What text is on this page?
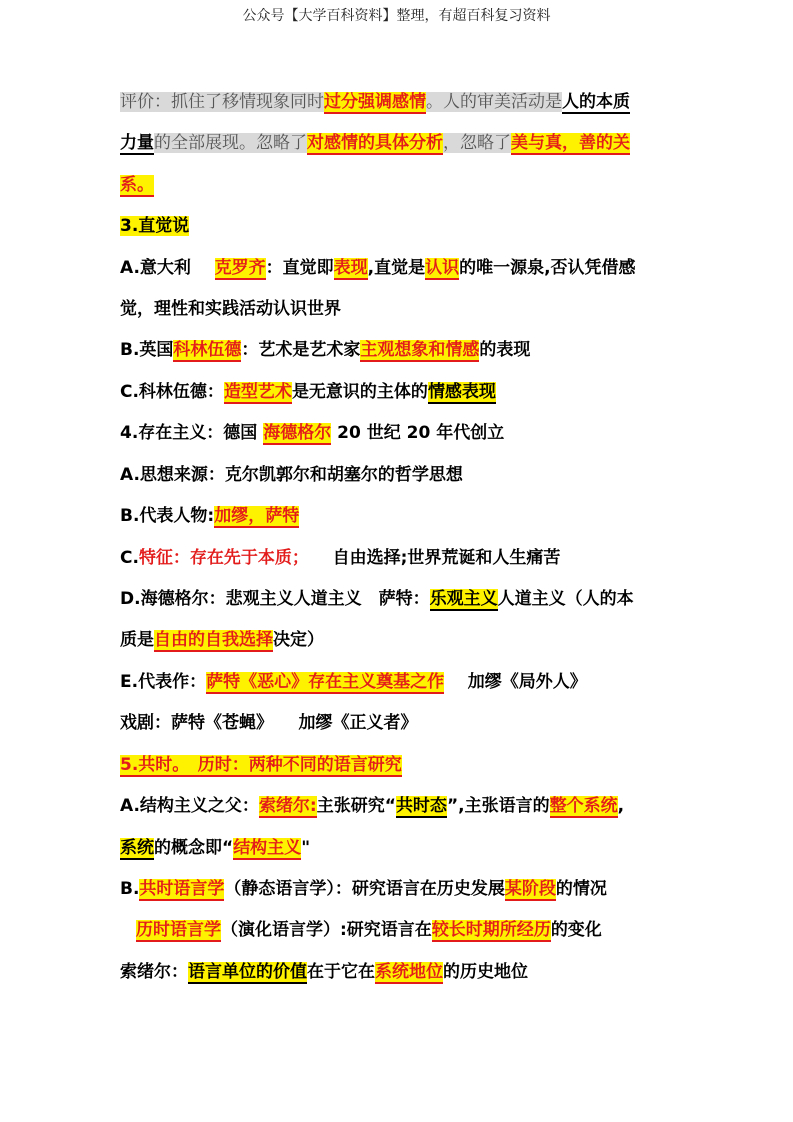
公众号【大学百科资料】整理，有超百科复习资料
评价：抓住了移情现象同时过分强调感情。人的审美活动是人的本质
力量的全部展现。忽略了对感情的具体分析，忽略了美与真，善的关
系。
3.直觉说
A.意大利 克罗齐：直觉即表现,直觉是认识的唯一源泉,否认凭借感
觉，理性和实践活动认识世界
B.英国科林伍德：艺术是艺术家主观想象和情感的表现
C.科林伍德：造型艺术是无意识的主体的情感表现
4.存在主义：德国 海德格尔 20 世纪 20 年代创立
A.思想来源：克尔凯郭尔和胡塞尔的哲学思想
B.代表人物:加缪，萨特
C.特征：存在先于本质； 自由选择;世界荒诞和人生痛苦
D.海德格尔：悲观主义人道主义　萨特：乐观主义人道主义（人的本
质是自由的自我选择决定）
E.代表作：萨特《恶心》存在主义奠基之作 加缪《局外人》
戏剧：萨特《苍蝇》　　加缪《正义者》
5.共时。　历时：两种不同的语言研究
A.结构主义之父：索绪尔:主张研究“共时态”,主张语言的整个系统,
系统的概念即“结构主义"
B.共时语言学（静态语言学）：研究语言在历史发展某阶段的情况
历时语言学（演化语言学）:研究语言在较长时期所经历的变化
索绪尔：语言单位的价值在于它在系统地位的历史地位
